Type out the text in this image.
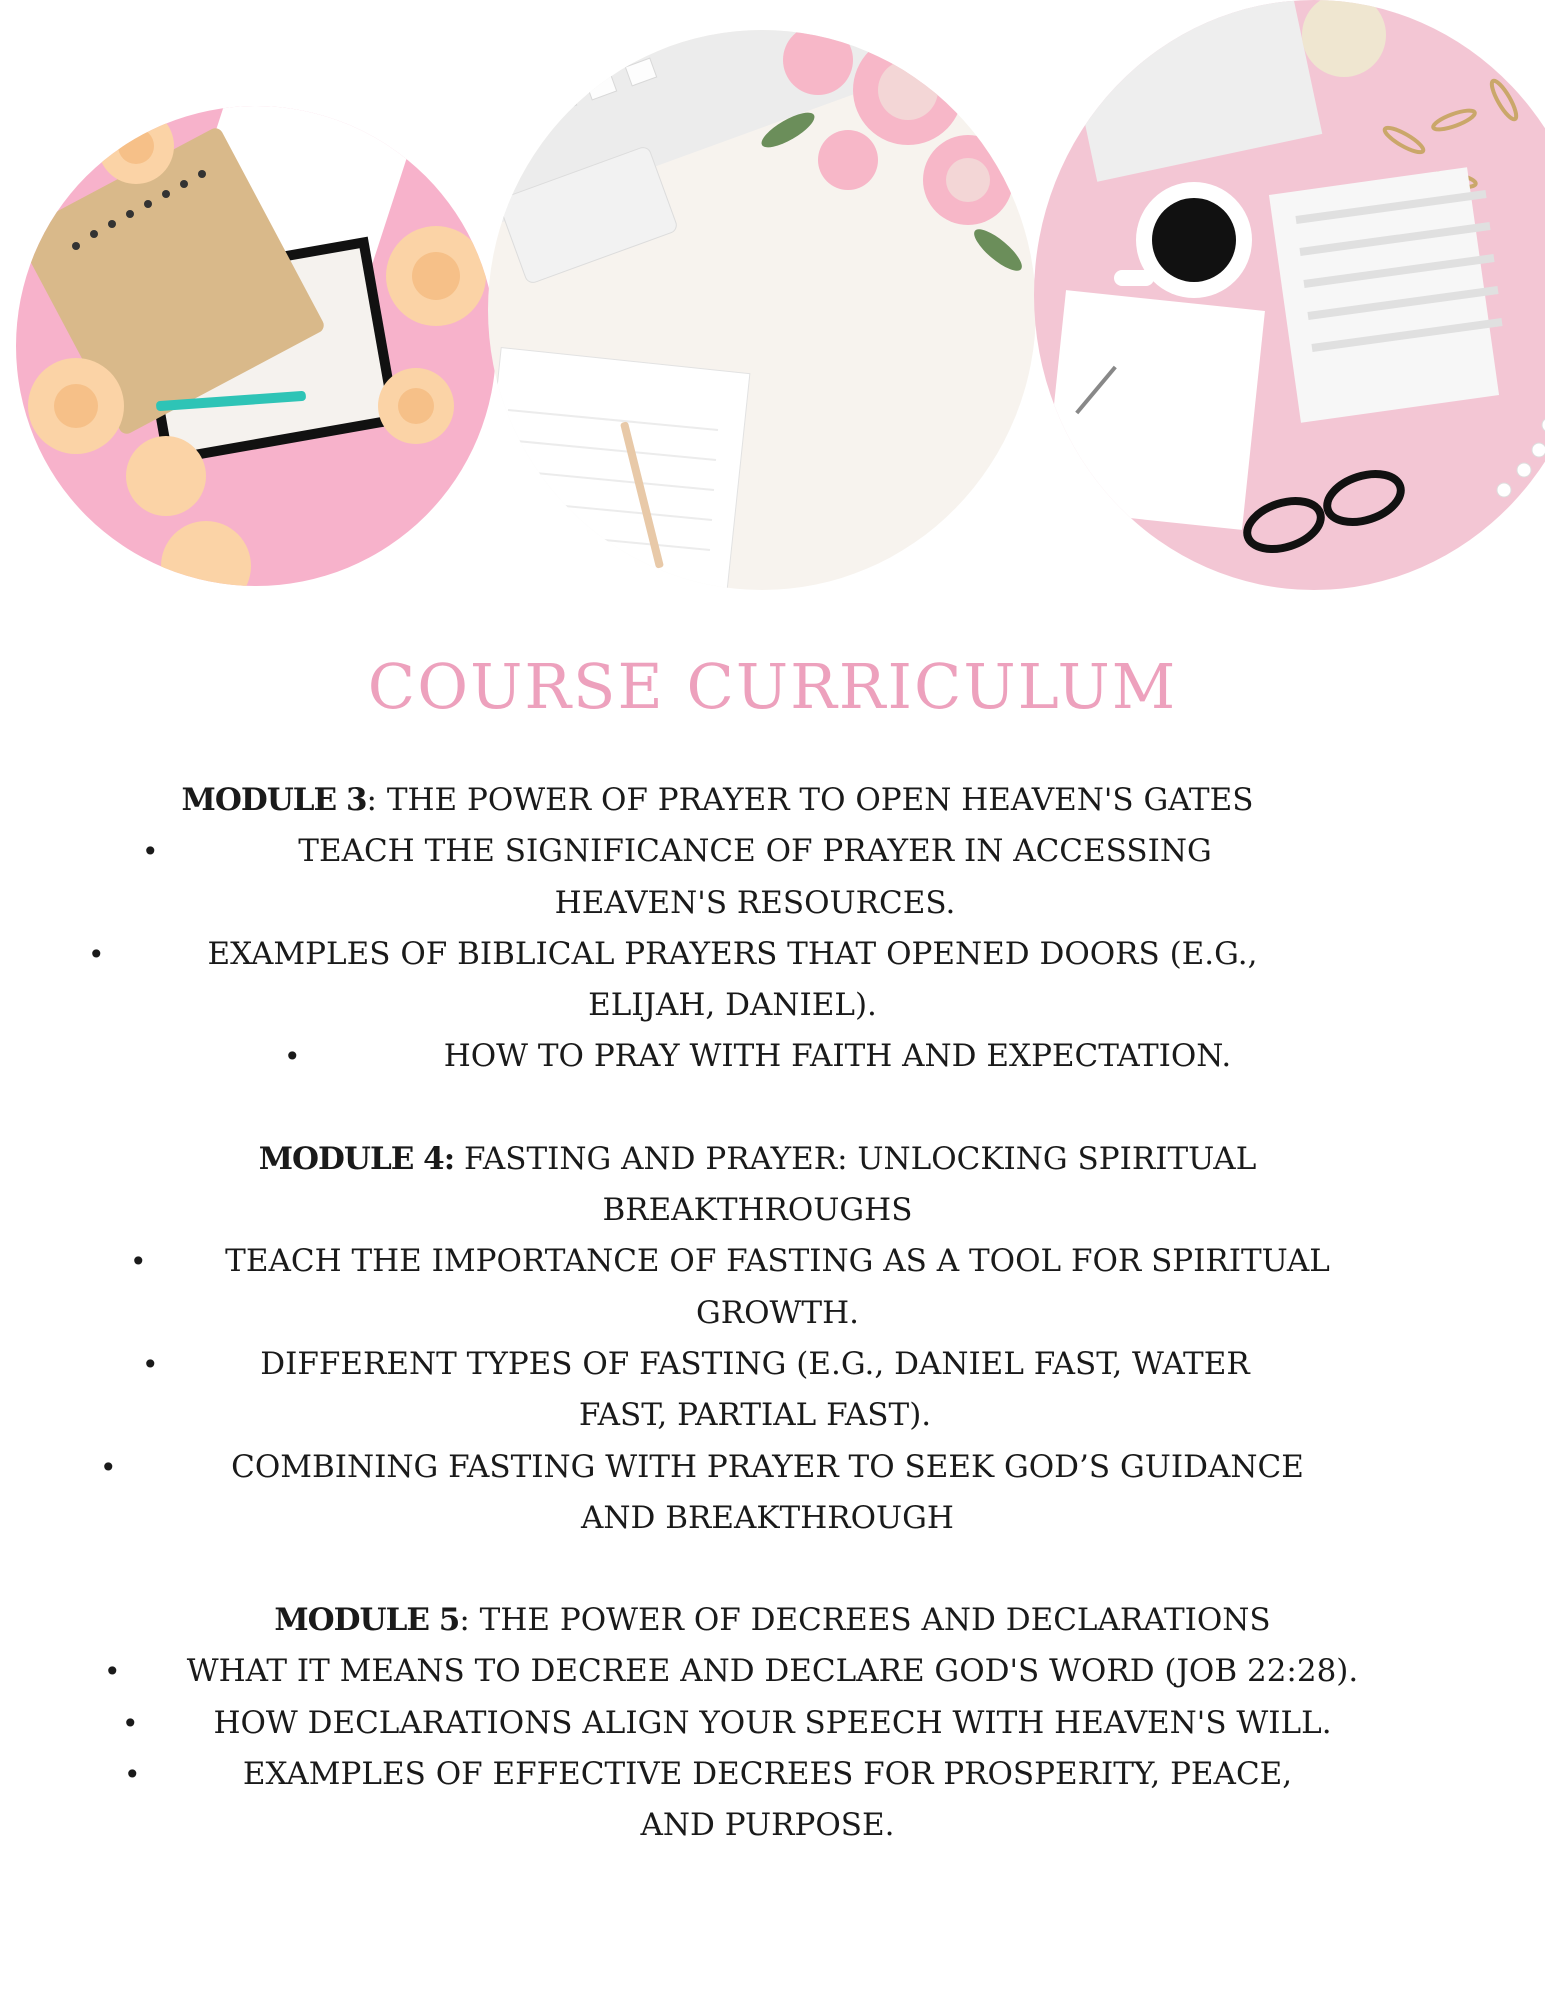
COURSE CURRICULUM

MODULE 3: THE POWER OF PRAYER TO OPEN HEAVEN'S GATES

•	TEACH THE SIGNIFICANCE OF PRAYER IN ACCESSING HEAVEN'S RESOURCES.
•	EXAMPLES OF BIBLICAL PRAYERS THAT OPENED DOORS (E.G., ELIJAH, DANIEL).
•	HOW TO PRAY WITH FAITH AND EXPECTATION.

MODULE 4: FASTING AND PRAYER: UNLOCKING SPIRITUAL BREAKTHROUGHS

•	TEACH THE IMPORTANCE OF FASTING AS A TOOL FOR SPIRITUAL GROWTH.
•	DIFFERENT TYPES OF FASTING (E.G., DANIEL FAST, WATER FAST, PARTIAL FAST).
•	COMBINING FASTING WITH PRAYER TO SEEK GOD’S GUIDANCE AND BREAKTHROUGH

MODULE 5: THE POWER OF DECREES AND DECLARATIONS

•	WHAT IT MEANS TO DECREE AND DECLARE GOD'S WORD (JOB 22:28).
•	HOW DECLARATIONS ALIGN YOUR SPEECH WITH HEAVEN'S WILL.
•	EXAMPLES OF EFFECTIVE DECREES FOR PROSPERITY, PEACE, AND PURPOSE.
